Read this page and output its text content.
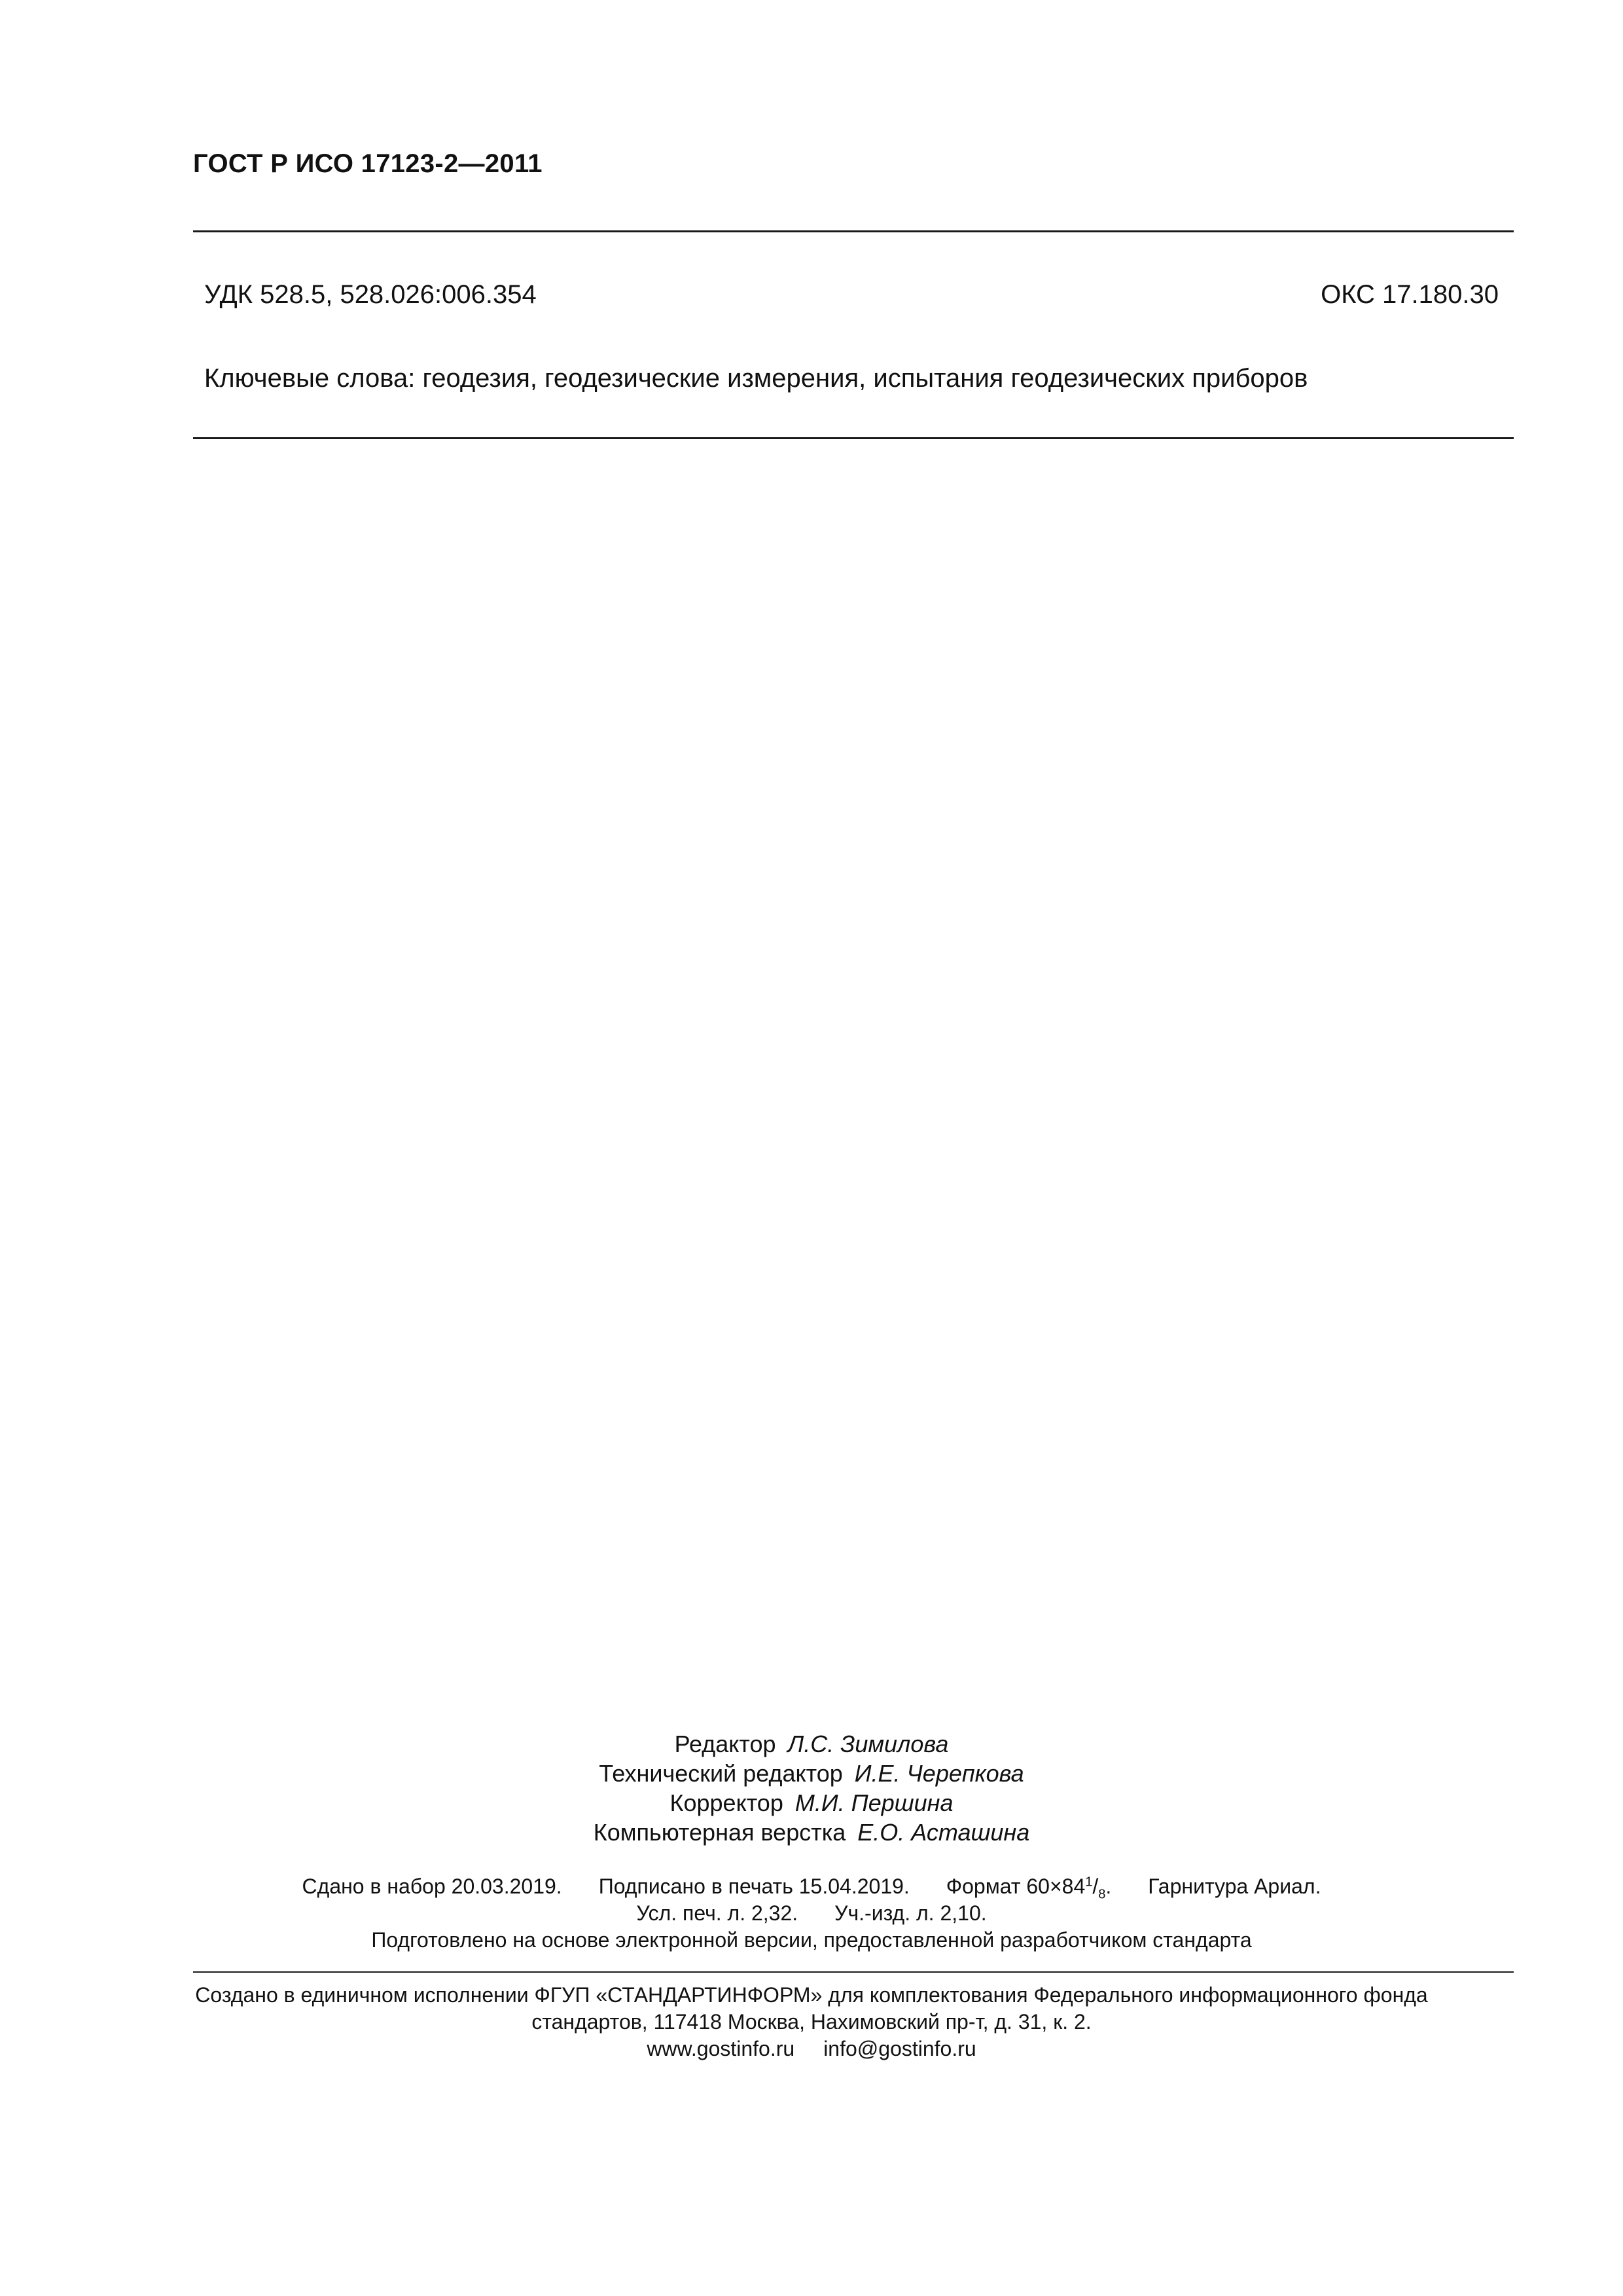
ГОСТ Р ИСО 17123-2—2011
УДК 528.5, 528.026:006.354	ОКС 17.180.30
Ключевые слова: геодезия, геодезические измерения, испытания геодезических приборов
Редактор Л.С. Зимилова
Технический редактор И.Е. Черепкова
Корректор М.И. Першина
Компьютерная верстка Е.О. Асташина
Сдано в набор 20.03.2019. Подписано в печать 15.04.2019. Формат $60\times 84^1/_8$. Гарнитура Ариал.
Усл. печ. л. 2,32. Уч.-изд. л. 2,10.
Подготовлено на основе электронной версии, предоставленной разработчиком стандарта
Создано в единичном исполнении ФГУП «СТАНДАРТИНФОРМ» для комплектования Федерального информационного фонда
стандартов, 117418 Москва, Нахимовский пр-т, д. 31, к. 2.
www.gostinfo.ru info@gostinfo.ru
